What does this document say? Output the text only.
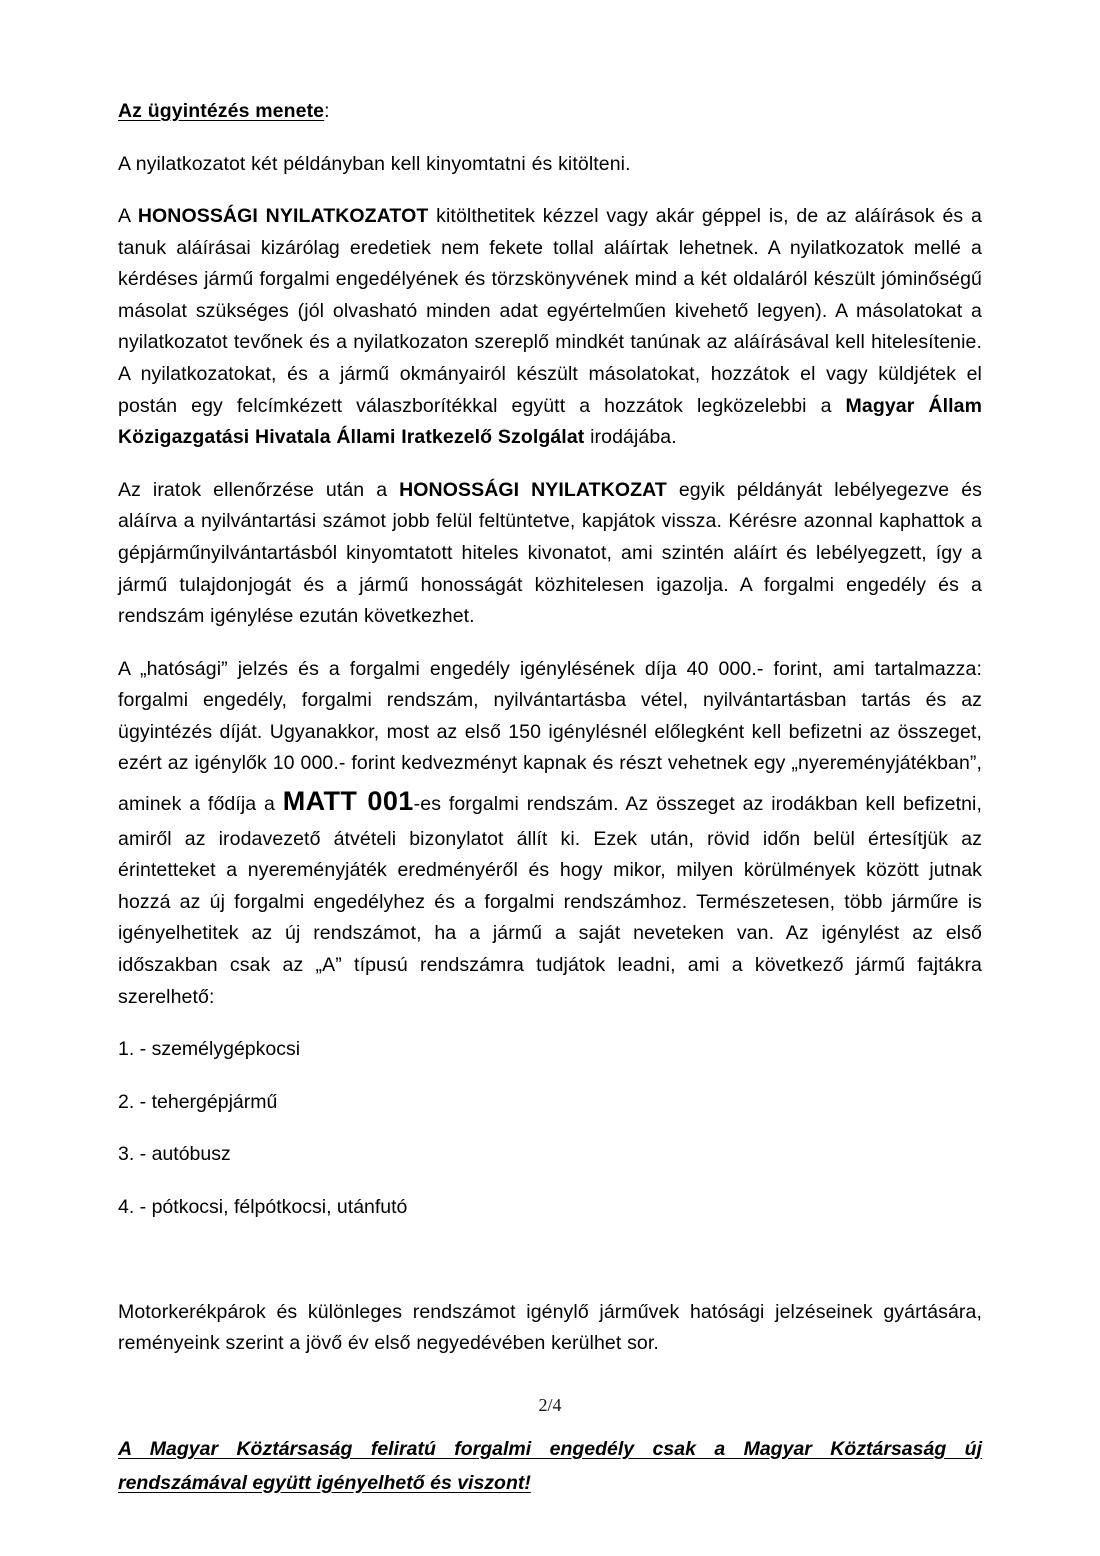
Az ügyintézés menete:

A nyilatkozatot két példányban kell kinyomtatni és kitölteni.

A HONOSSÁGI NYILATKOZATOT kitölthetitek kézzel vagy akár géppel is, de az aláírások és a tanuk aláírásai kizárólag eredetiek nem fekete tollal aláírtak lehetnek. A nyilatkozatok mellé a kérdéses jármű forgalmi engedélyének és törzskönyvének mind a két oldaláról készült jóminőségű másolat szükséges (jól olvasható minden adat egyértelműen kivehető legyen). A másolatokat a nyilatkozatot tevőnek és a nyilatkozaton szereplő mindkét tanúnak az aláírásával kell hitelesítenie. A nyilatkozatokat, és a jármű okmányairól készült másolatokat, hozzátok el vagy küldjétek el postán egy felcímkézett válaszborítékkal együtt a hozzátok legközelebbi a Magyar Állam Közigazgatási Hivatala Állami Iratkezelő Szolgálat irodájába.

Az iratok ellenőrzése után a HONOSSÁGI NYILATKOZAT egyik példányát lebélyegezve és aláírva a nyilvántartási számot jobb felül feltüntetve, kapjátok vissza. Kérésre azonnal kaphattok a gépjárműnyilvántartásból kinyomtatott hiteles kivonatot, ami szintén aláírt és lebélyegzett, így a jármű tulajdonjogát és a jármű honosságát közhitelesen igazolja. A forgalmi engedély és a rendszám igénylése ezután következhet.

A „hatósági” jelzés és a forgalmi engedély igénylésének díja 40 000.- forint, ami tartalmazza: forgalmi engedély, forgalmi rendszám, nyilvántartásba vétel, nyilvántartásban tartás és az ügyintézés díját. Ugyanakkor, most az első 150 igénylésnél előlegként kell befizetni az összeget, ezért az igénylők 10 000.- forint kedvezményt kapnak és részt vehetnek egy „nyereményjátékban”, aminek a fődíja a MATT 001-es forgalmi rendszám. Az összeget az irodákban kell befizetni, amiről az irodavezető átvételi bizonylatot állít ki. Ezek után, rövid időn belül értesítjük az érintetteket a nyereményjáték eredményéről és hogy mikor, milyen körülmények között jutnak hozzá az új forgalmi engedélyhez és a forgalmi rendszámhoz. Természetesen, több járműre is igényelhetitek az új rendszámot, ha a jármű a saját neveteken van. Az igénylést az első időszakban csak az „A” típusú rendszámra tudjátok leadni, ami a következő jármű fajtákra szerelhető:

1. - személygépkocsi

2. - tehergépjármű

3. - autóbusz

4. - pótkocsi, félpótkocsi, utánfutó

Motorkerékpárok és különleges rendszámot igénylő járművek hatósági jelzéseinek gyártására, reményeink szerint a jövő év első negyedévében kerülhet sor.

A Magyar Köztársaság feliratú forgalmi engedély csak a Magyar Köztársaság új rendszámával együtt igényelhető és viszont!

2/4
